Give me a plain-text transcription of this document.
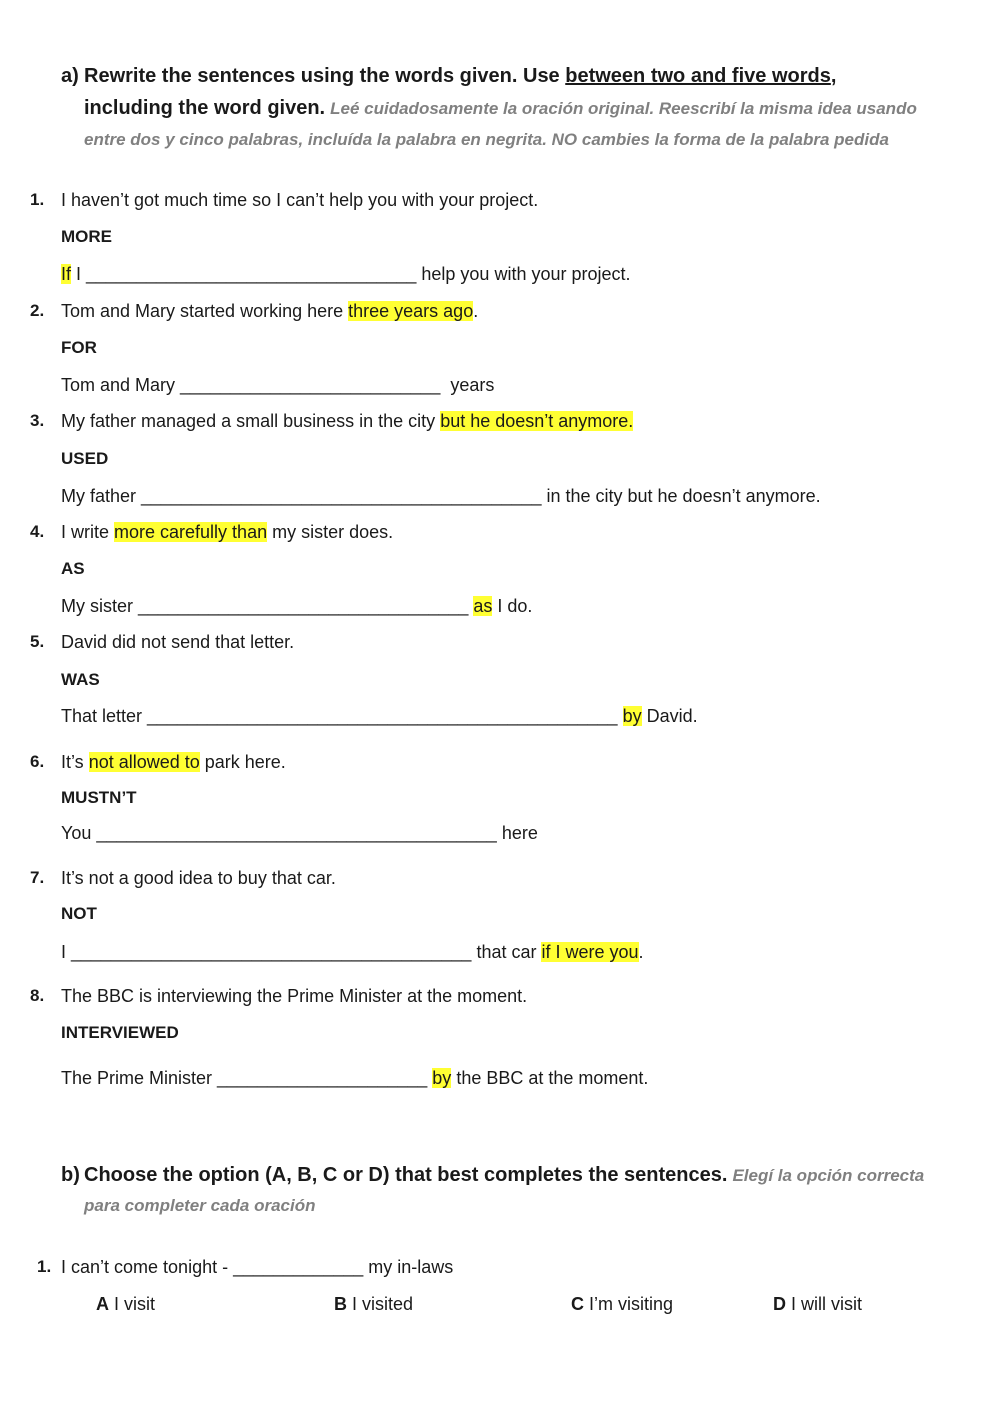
a) Rewrite the sentences using the words given. Use between two and five words,
including the word given. Leé cuidadosamente la oración original. Reescribí la misma idea usando
entre dos y cinco palabras, incluída la palabra en negrita. NO cambies la forma de la palabra pedida
1. I haven’t got much time so I can’t help you with your project.
MORE
If I _________________________________ help you with your project.
2. Tom and Mary started working here three years ago.
FOR
Tom and Mary __________________________  years
3. My father managed a small business in the city but he doesn’t anymore.
USED
My father ________________________________________ in the city but he doesn’t anymore.
4. I write more carefully than my sister does.
AS
My sister _________________________________ as I do.
5. David did not send that letter.
WAS
That letter _______________________________________________ by David.
6. It’s not allowed to park here.
MUSTN’T
You ________________________________________ here
7. It’s not a good idea to buy that car.
NOT
I ________________________________________ that car if I were you.
8. The BBC is interviewing the Prime Minister at the moment.
INTERVIEWED
The Prime Minister _____________________ by the BBC at the moment.
b) Choose the option (A, B, C or D) that best completes the sentences. Elegí la opción correcta
para completer cada oración
1. I can’t come tonight - _____________ my in-laws
A I visit	B I visited	C I’m visiting	D I will visit
